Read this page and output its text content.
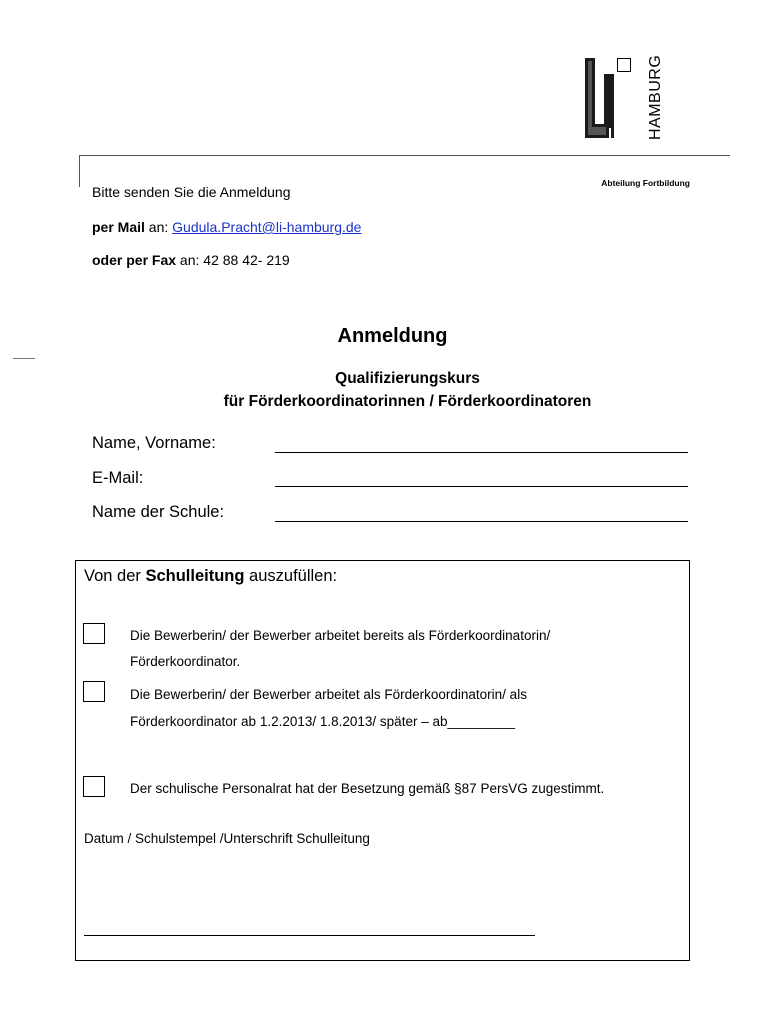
HAMBURG
Abteilung Fortbildung
Bitte senden Sie die Anmeldung
per Mail an: Gudula.Pracht@li-hamburg.de
oder per Fax an: 42 88 42- 219
Anmeldung
Qualifizierungskurs
für Förderkoordinatorinnen / Förderkoordinatoren
Name, Vorname:
E-Mail:
Name der Schule:
Von der Schulleitung auszufüllen:
Die Bewerberin/ der Bewerber arbeitet bereits als Förderkoordinatorin/
Förderkoordinator.
Die Bewerberin/ der Bewerber arbeitet als Förderkoordinatorin/ als
Förderkoordinator ab 1.2.2013/ 1.8.2013/ später – ab_________
Der schulische Personalrat hat der Besetzung gemäß §87 PersVG zugestimmt.
Datum / Schulstempel /Unterschrift Schulleitung
